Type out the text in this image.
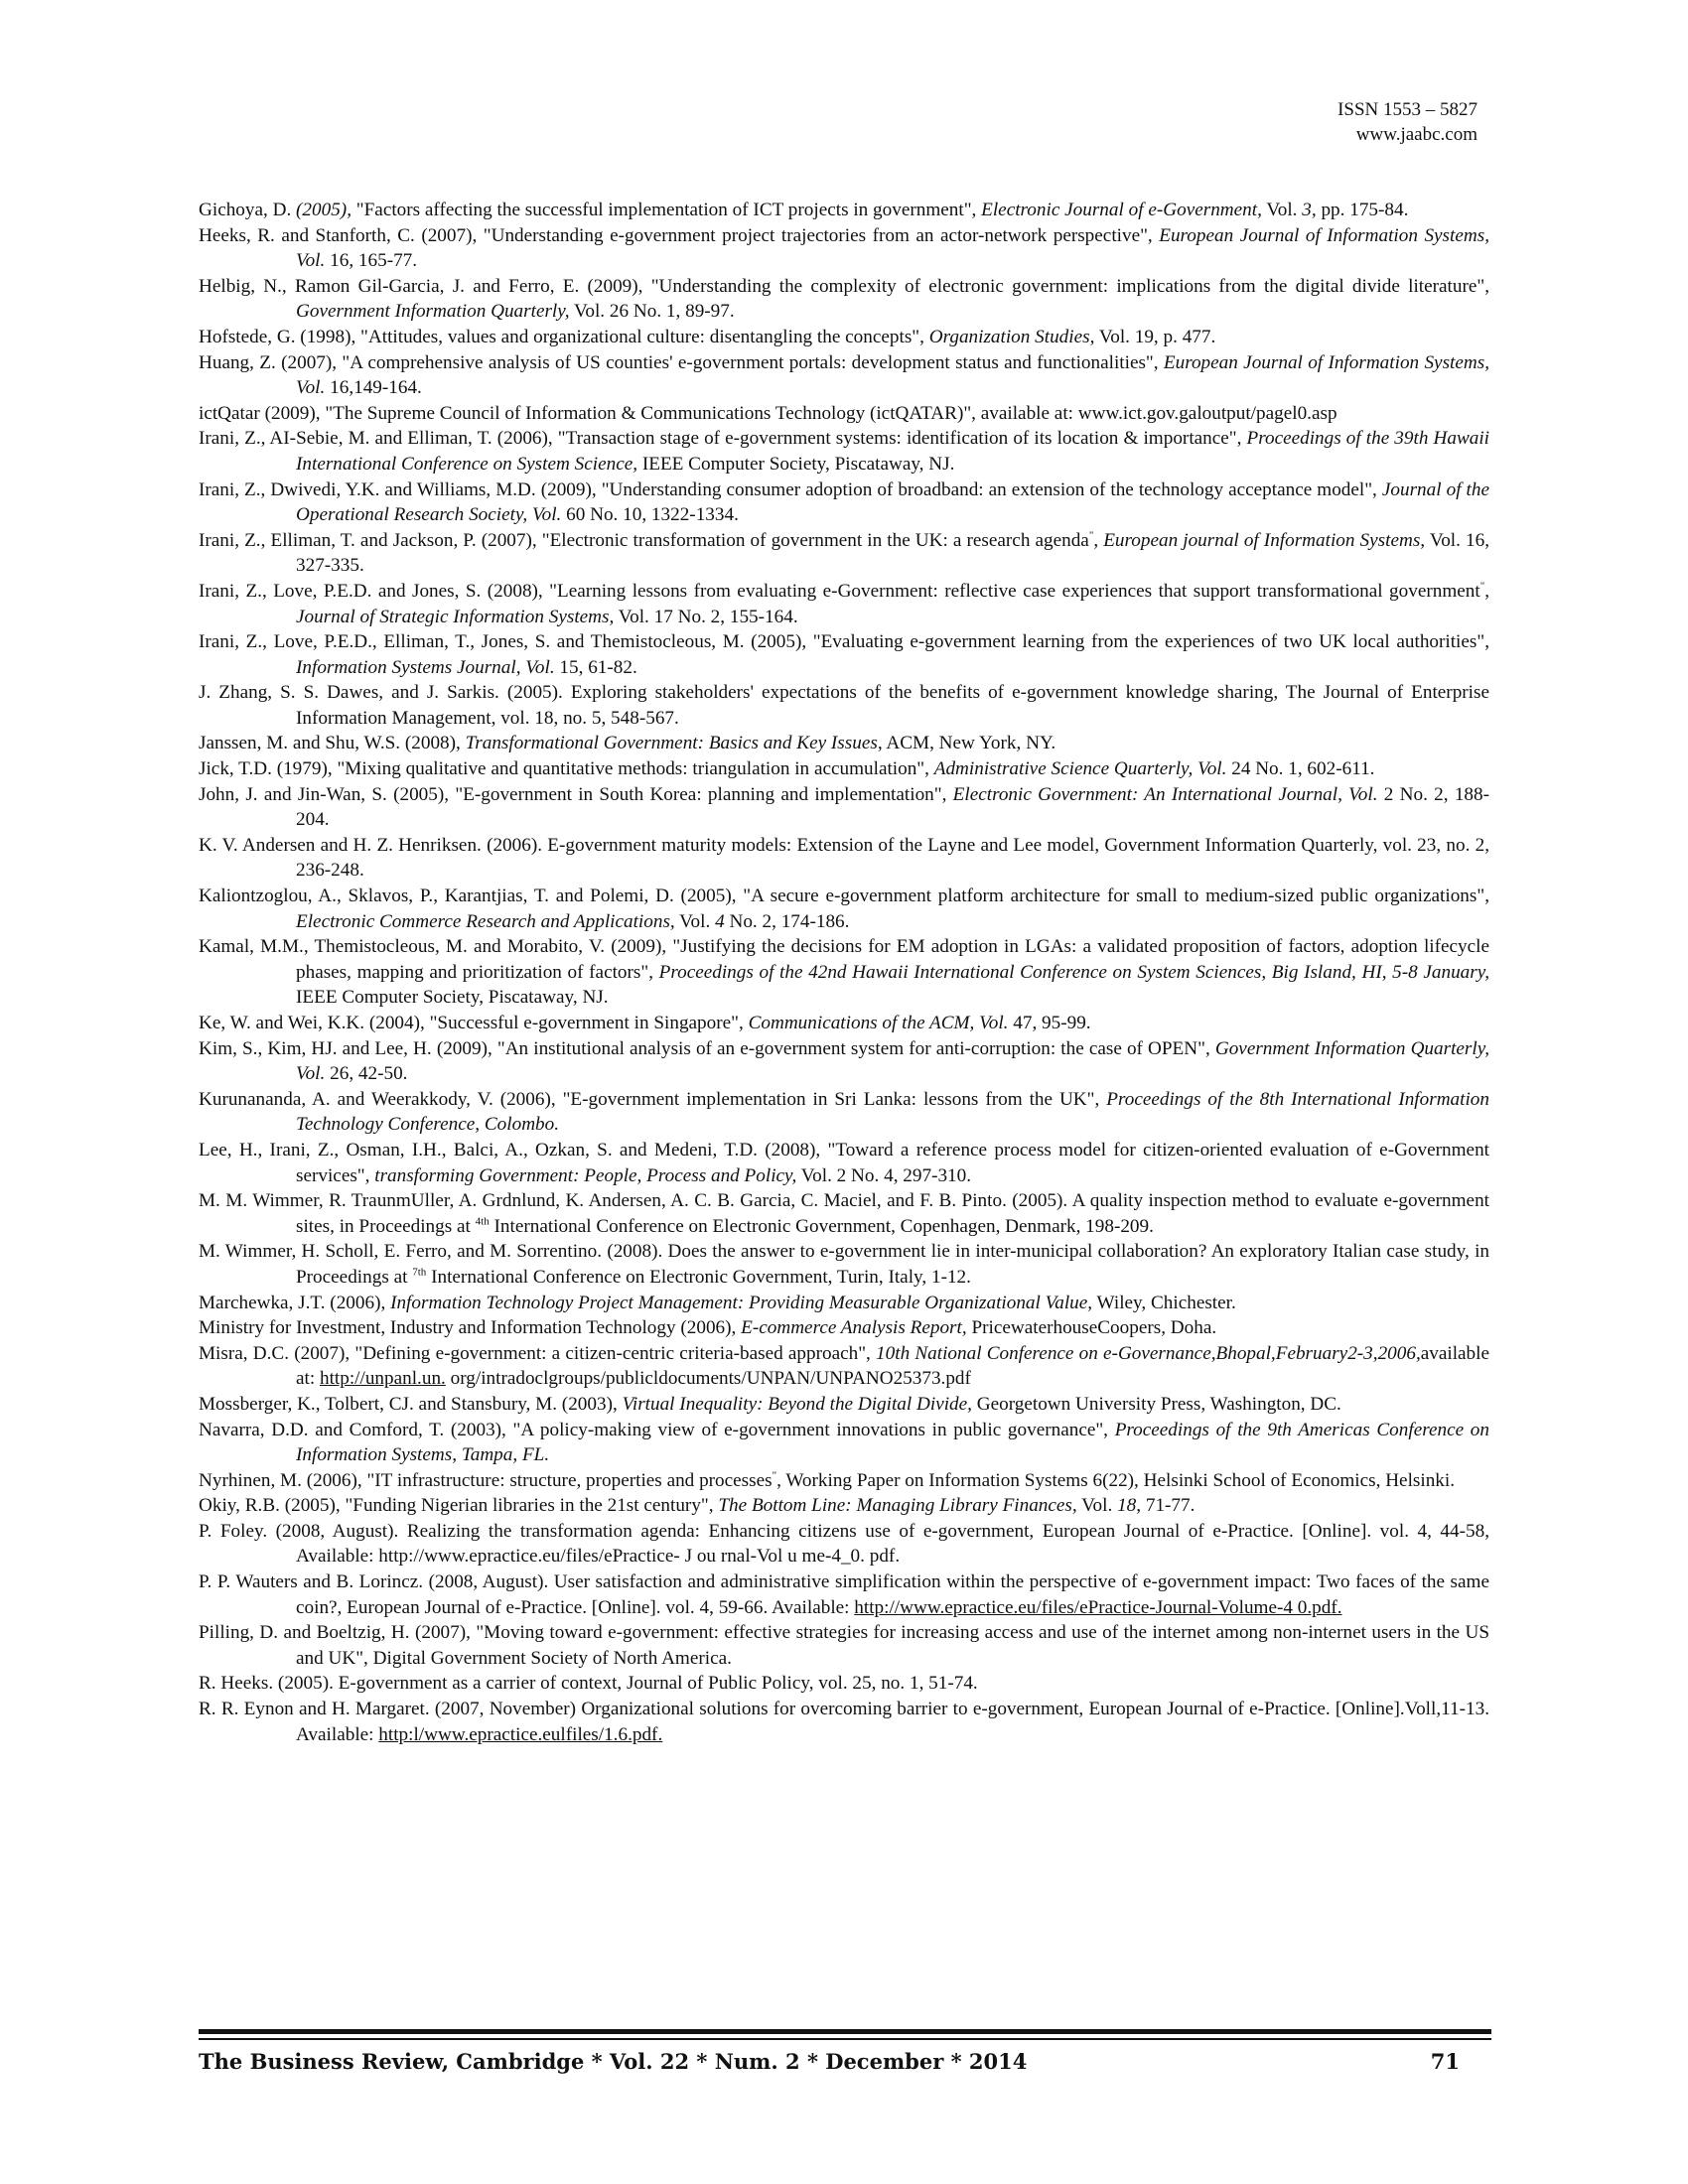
ISSN 1553 – 5827
www.jaabc.com

Gichoya, D. (2005), "Factors affecting the successful implementation of ICT projects in government", Electronic Journal of e-Government, Vol. 3, pp. 175-84.

Heeks, R. and Stanforth, C. (2007), "Understanding e-government project trajectories from an actor-network perspective", European Journal of Information Systems, Vol. 16, 165-77.

Helbig, N., Ramon Gil-Garcia, J. and Ferro, E. (2009), "Understanding the complexity of electronic government: implications from the digital divide literature", Government Information Quarterly, Vol. 26 No. 1, 89-97.

Hofstede, G. (1998), "Attitudes, values and organizational culture: disentangling the concepts", Organization Studies, Vol. 19, p. 477.

Huang, Z. (2007), "A comprehensive analysis of US counties' e-government portals: development status and functionalities", European Journal of Information Systems, Vol. 16,149-164.

ictQatar (2009), "The Supreme Council of Information & Communications Technology (ictQATAR)", available at: www.ict.gov.galoutput/pagel0.asp

Irani, Z., AI-Sebie, M. and Elliman, T. (2006), "Transaction stage of e-government systems: identification of its location & importance", Proceedings of the 39th Hawaii International Conference on System Science, IEEE Computer Society, Piscataway, NJ.

Irani, Z., Dwivedi, Y.K. and Williams, M.D. (2009), "Understanding consumer adoption of broadband: an extension of the technology acceptance model", Journal of the Operational Research Society, Vol. 60 No. 10, 1322-1334.

Irani, Z., Elliman, T. and Jackson, P. (2007), "Electronic transformation of government in the UK: a research agenda", European journal of Information Systems, Vol. 16, 327-335.

Irani, Z., Love, P.E.D. and Jones, S. (2008), "Learning lessons from evaluating e-Government: reflective case experiences that support transformational government", Journal of Strategic Information Systems, Vol. 17 No. 2, 155-164.

Irani, Z., Love, P.E.D., Elliman, T., Jones, S. and Themistocleous, M. (2005), "Evaluating e-government learning from the experiences of two UK local authorities", Information Systems Journal, Vol. 15, 61-82.

J. Zhang, S. S. Dawes, and J. Sarkis. (2005). Exploring stakeholders' expectations of the benefits of e-government knowledge sharing, The Journal of Enterprise Information Management, vol. 18, no. 5, 548-567.

Janssen, M. and Shu, W.S. (2008), Transformational Government: Basics and Key Issues, ACM, New York, NY.

Jick, T.D. (1979), "Mixing qualitative and quantitative methods: triangulation in accumulation", Administrative Science Quarterly, Vol. 24 No. 1, 602-611.

John, J. and Jin-Wan, S. (2005), "E-government in South Korea: planning and implementation", Electronic Government: An International Journal, Vol. 2 No. 2, 188-204.

K. V. Andersen and H. Z. Henriksen. (2006). E-government maturity models: Extension of the Layne and Lee model, Government Information Quarterly, vol. 23, no. 2, 236-248.

Kaliontzoglou, A., Sklavos, P., Karantjias, T. and Polemi, D. (2005), "A secure e-government platform architecture for small to medium-sized public organizations", Electronic Commerce Research and Applications, Vol. 4 No. 2, 174-186.

Kamal, M.M., Themistocleous, M. and Morabito, V. (2009), "Justifying the decisions for EM adoption in LGAs: a validated proposition of factors, adoption lifecycle phases, mapping and prioritization of factors", Proceedings of the 42nd Hawaii International Conference on System Sciences, Big Island, HI, 5-8 January, IEEE Computer Society, Piscataway, NJ.

Ke, W. and Wei, K.K. (2004), "Successful e-government in Singapore", Communications of the ACM, Vol. 47, 95-99.

Kim, S., Kim, HJ. and Lee, H. (2009), "An institutional analysis of an e-government system for anti-corruption: the case of OPEN", Government Information Quarterly, Vol. 26, 42-50.

Kurunananda, A. and Weerakkody, V. (2006), "E-government implementation in Sri Lanka: lessons from the UK", Proceedings of the 8th International Information Technology Conference, Colombo.

Lee, H., Irani, Z., Osman, I.H., Balci, A., Ozkan, S. and Medeni, T.D. (2008), "Toward a reference process model for citizen-oriented evaluation of e-Government services", transforming Government: People, Process and Policy, Vol. 2 No. 4, 297-310.

M. M. Wimmer, R. TraunmUller, A. Grdnlund, K. Andersen, A. C. B. Garcia, C. Maciel, and F. B. Pinto. (2005). A quality inspection method to evaluate e-government sites, in Proceedings at $^{4th}$ International Conference on Electronic Government, Copenhagen, Denmark, 198-209.

M. Wimmer, H. Scholl, E. Ferro, and M. Sorrentino. (2008). Does the answer to e-government lie in inter-municipal collaboration? An exploratory Italian case study, in Proceedings at $^{7th}$ International Conference on Electronic Government, Turin, Italy, 1-12.

Marchewka, J.T. (2006), Information Technology Project Management: Providing Measurable Organizational Value, Wiley, Chichester.

Ministry for Investment, Industry and Information Technology (2006), E-commerce Analysis Report, PricewaterhouseCoopers, Doha.

Misra, D.C. (2007), "Defining e-government: a citizen-centric criteria-based approach", 10th National Conference on e-Governance,Bhopal,February2-3,2006,available at: http://unpanl.un. org/intradoclgroups/publicldocuments/UNPAN/UNPANO25373.pdf

Mossberger, K., Tolbert, CJ. and Stansbury, M. (2003), Virtual Inequality: Beyond the Digital Divide, Georgetown University Press, Washington, DC.

Navarra, D.D. and Comford, T. (2003), "A policy-making view of e-government innovations in public governance", Proceedings of the 9th Americas Conference on Information Systems, Tampa, FL.

Nyrhinen, M. (2006), "IT infrastructure: structure, properties and processes", Working Paper on Information Systems 6(22), Helsinki School of Economics, Helsinki.

Okiy, R.B. (2005), "Funding Nigerian libraries in the 21st century", The Bottom Line: Managing Library Finances, Vol. 18, 71-77.

P. Foley. (2008, August). Realizing the transformation agenda: Enhancing citizens use of e-government, European Journal of e-Practice. [Online]. vol. 4, 44-58, Available: http://www.epractice.eu/files/ePractice- J ou rnal-Vol u me-4_0. pdf.

P. P. Wauters and B. Lorincz. (2008, August). User satisfaction and administrative simplification within the perspective of e-government impact: Two faces of the same coin?, European Journal of e-Practice. [Online]. vol. 4, 59-66. Available: http://www.epractice.eu/files/ePractice-Journal-Volume-4 0.pdf.

Pilling, D. and Boeltzig, H. (2007), "Moving toward e-government: effective strategies for increasing access and use of the internet among non-internet users in the US and UK", Digital Government Society of North America.

R. Heeks. (2005). E-government as a carrier of context, Journal of Public Policy, vol. 25, no. 1, 51-74.

R. R. Eynon and H. Margaret. (2007, November) Organizational solutions for overcoming barrier to e-government, European Journal of e-Practice. [Online].Voll,11-13. Available: http:l/www.epractice.eulfiles/1.6.pdf.

The Business Review, Cambridge * Vol. 22 * Num. 2 * December * 2014	71
